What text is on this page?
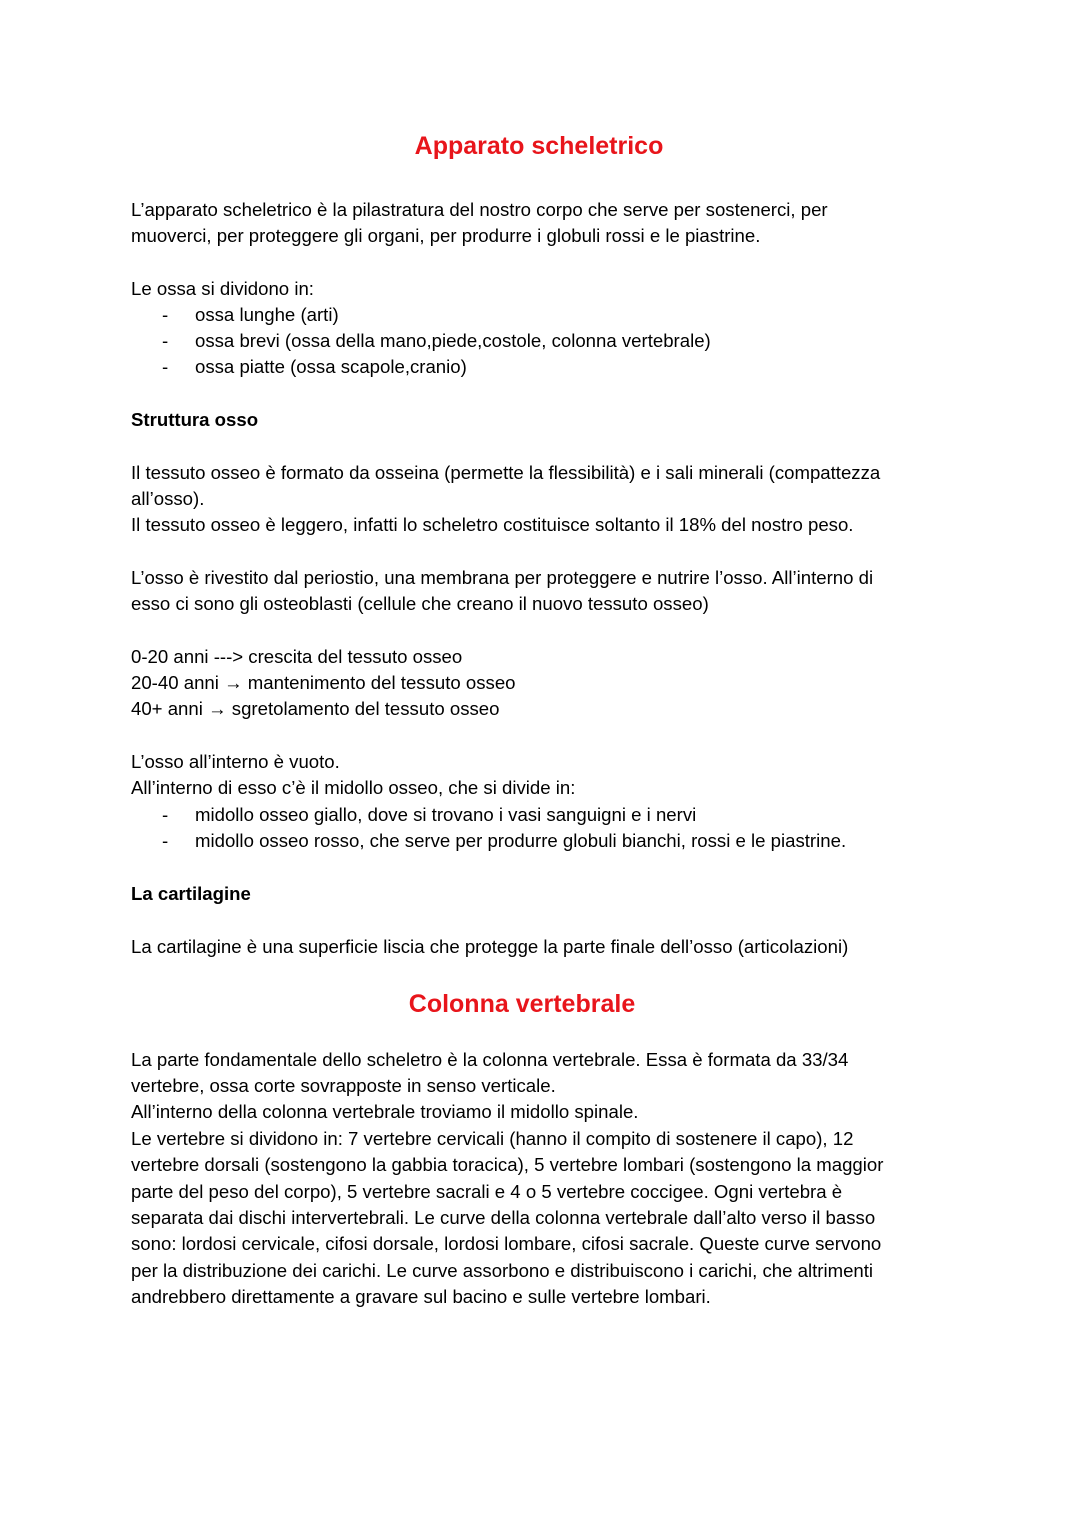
Apparato scheletrico

L’apparato scheletrico è la pilastratura del nostro corpo che serve per sostenerci, per

muoverci, per proteggere gli organi, per produrre i globuli rossi e le piastrine.

Le ossa si dividono in:

- ossa lunghe (arti)
- ossa brevi (ossa della mano,piede,costole, colonna vertebrale)
- ossa piatte (ossa scapole,cranio)

Struttura osso

Il tessuto osseo è formato da osseina (permette la flessibilità) e i sali minerali (compattezza

all’osso).

Il tessuto osseo è leggero, infatti lo scheletro costituisce soltanto il 18% del nostro peso.

L’osso è rivestito dal periostio, una membrana per proteggere e nutrire l’osso. All’interno di

esso ci sono gli osteoblasti (cellule che creano il nuovo tessuto osseo)

0-20 anni ---> crescita del tessuto osseo

20-40 anni → mantenimento del tessuto osseo

40+ anni → sgretolamento del tessuto osseo

L’osso all’interno è vuoto.

All’interno di esso c’è il midollo osseo, che si divide in:

- midollo osseo giallo, dove si trovano i vasi sanguigni e i nervi
- midollo osseo rosso, che serve per produrre globuli bianchi, rossi e le piastrine.

La cartilagine

La cartilagine è una superficie liscia che protegge la parte finale dell’osso (articolazioni)

Colonna vertebrale

La parte fondamentale dello scheletro è la colonna vertebrale. Essa è formata da 33/34

vertebre, ossa corte sovrapposte in senso verticale.

All’interno della colonna vertebrale troviamo il midollo spinale.

Le vertebre si dividono in: 7 vertebre cervicali (hanno il compito di sostenere il capo), 12

vertebre dorsali (sostengono la gabbia toracica), 5 vertebre lombari (sostengono la maggior

parte del peso del corpo), 5 vertebre sacrali e 4 o 5 vertebre coccigee. Ogni vertebra è

separata dai dischi intervertebrali. Le curve della colonna vertebrale dall’alto verso il basso

sono: lordosi cervicale, cifosi dorsale, lordosi lombare, cifosi sacrale. Queste curve servono

per la distribuzione dei carichi. Le curve assorbono e distribuiscono i carichi, che altrimenti

andrebbero direttamente a gravare sul bacino e sulle vertebre lombari.
